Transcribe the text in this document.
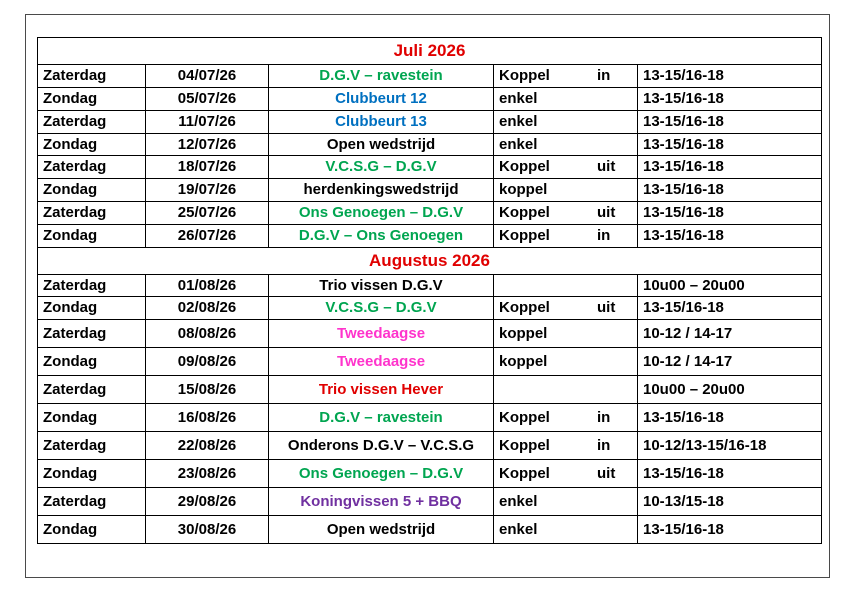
Juli 2026				
Zaterdag	04/07/26	D.G.V – ravestein	Koppel in	13-15/16-18
Zondag	05/07/26	Clubbeurt 12	enkel	13-15/16-18
Zaterdag	11/07/26	Clubbeurt 13	enkel	13-15/16-18
Zondag	12/07/26	Open wedstrijd	enkel	13-15/16-18
Zaterdag	18/07/26	V.C.S.G – D.G.V	Koppel uit	13-15/16-18
Zondag	19/07/26	herdenkingswedstrijd	koppel	13-15/16-18
Zaterdag	25/07/26	Ons Genoegen – D.G.V	Koppel uit	13-15/16-18
Zondag	26/07/26	D.G.V – Ons Genoegen	Koppel in	13-15/16-18
Augustus 2026				
Zaterdag	01/08/26	Trio vissen D.G.V		10u00 – 20u00
Zondag	02/08/26	V.C.S.G – D.G.V	Koppel uit	13-15/16-18
Zaterdag	08/08/26	Tweedaagse	koppel	10-12 / 14-17
Zondag	09/08/26	Tweedaagse	koppel	10-12 / 14-17
Zaterdag	15/08/26	Trio vissen Hever		10u00 – 20u00
Zondag	16/08/26	D.G.V – ravestein	Koppel in	13-15/16-18
Zaterdag	22/08/26	Onderons D.G.V – V.C.S.G	Koppel in	10-12/13-15/16-18
Zondag	23/08/26	Ons Genoegen – D.G.V	Koppel uit	13-15/16-18
Zaterdag	29/08/26	Koningvissen 5 + BBQ	enkel	10-13/15-18
Zondag	30/08/26	Open wedstrijd	enkel	13-15/16-18
